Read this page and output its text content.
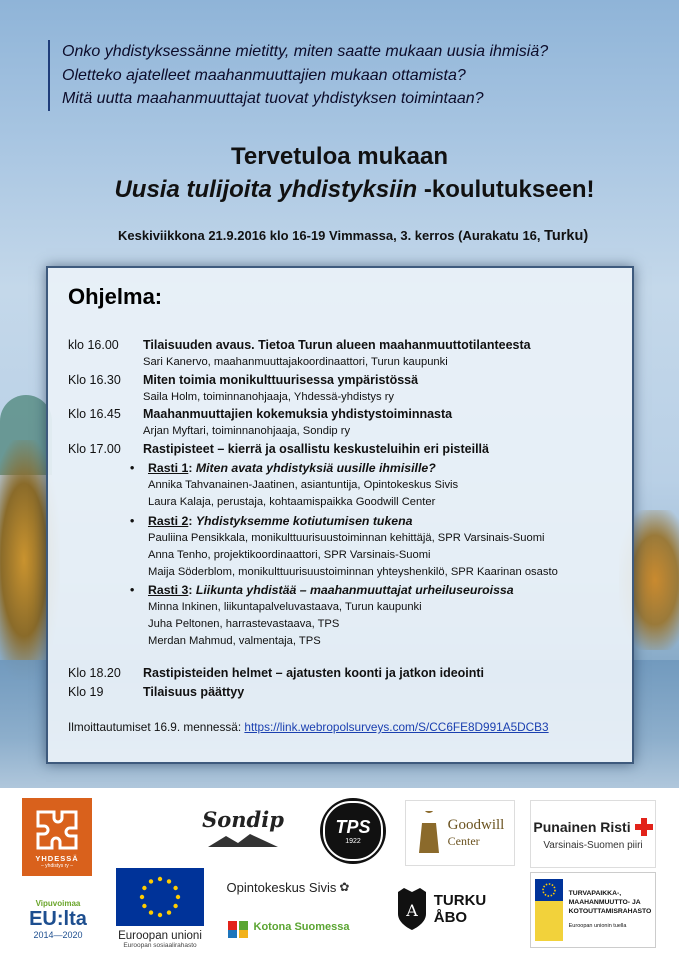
Onko yhdistyksessänne mietitty, miten saatte mukaan uusia ihmisiä?
Oletteko ajatelleet maahanmuuttajien mukaan ottamista?
Mitä uutta maahanmuuttajat tuovat yhdistyksen toimintaan?
Tervetuloa mukaan
Uusia tulijoita yhdistyksiin -koulutukseen!
Keskiviikkona 21.9.2016 klo 16-19 Vimmassa, 3. kerros (Aurakatu 16, Turku)
Ohjelma:
klo 16.00 Tilaisuuden avaus. Tietoa Turun alueen maahanmuuttotilanteesta
Sari Kanervo, maahanmuuttajakoordinaattori, Turun kaupunki
Klo 16.30 Miten toimia monikulttuurisessa ympäristössä
Saila Holm, toiminnanohjaaja, Yhdessä-yhdistys ry
Klo 16.45 Maahanmuuttajien kokemuksia yhdistystoiminnasta
Arjan Myftari, toiminnanohjaaja, Sondip ry
Klo 17.00 Rastipisteet – kierrä ja osallistu keskusteluihin eri pisteillä
• Rasti 1: Miten avata yhdistyksiä uusille ihmisille?
Annika Tahvanainen-Jaatinen, asiantuntija, Opintokeskus Sivis
Laura Kalaja, perustaja, kohtaamispaikka Goodwill Center
• Rasti 2: Yhdistyksemme kotiutumisen tukena
Pauliina Pensikkala, monikulttuurisuustoiminnan kehittäjä, SPR Varsinais-Suomi
Anna Tenho, projektikoordinaattori, SPR Varsinais-Suomi
Maija Söderblom, monikulttuurisuustoiminnan yhteyshenkilö, SPR Kaarinan osasto
• Rasti 3: Liikunta yhdistää – maahanmuuttajat urheiluseuroissa
Minna Inkinen, liikuntapalveluvastaava, Turun kaupunki
Juha Peltonen, harrastevastaava, TPS
Merdan Mahmud, valmentaja, TPS
Klo 18.20 Rastipisteiden helmet – ajatusten koonti ja jatkon ideointi
Klo 19	Tilaisuus päättyy
Ilmoittautumiset 16.9. mennessä: https://link.webropolsurveys.com/S/CC6FE8D991A5DCB3
YHDESSÄ
– yhdistys ry –
Sondip	TPS
1922
Goodwill
Center
Punainen Risti
Varsinais-Suomen piiri
Vipuvoimaa
EU:lta
2014—2020	Euroopan unioni
Euroopan sosiaalirahasto
Opintokeskus Sivis ✿
Kotona Suomessa
A
TURKU
ÅBO
TURVAPAIKKA-,
MAAHANMUUTTO- JA
KOTOUTTAMISRAHASTO
Euroopan unionin tuella
